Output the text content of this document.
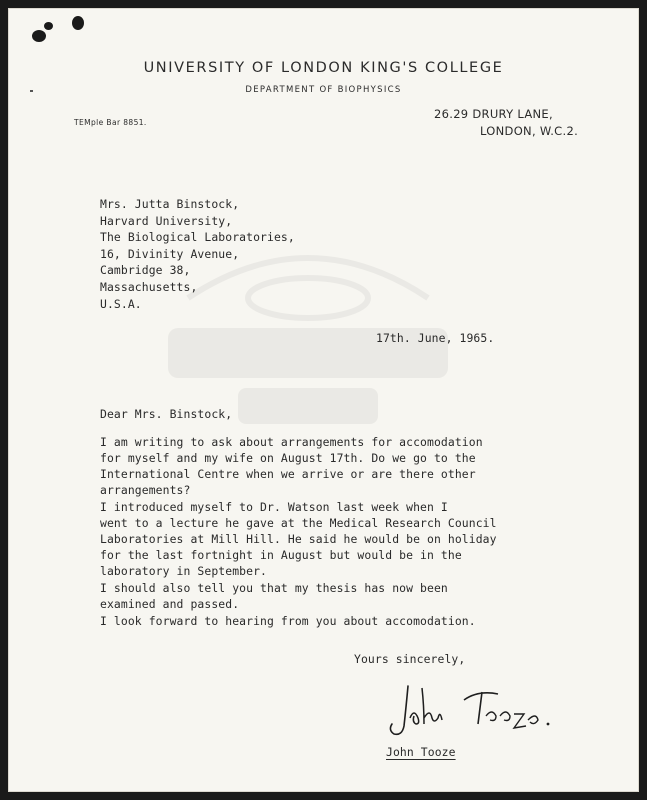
UNIVERSITY OF LONDON KING'S COLLEGE
DEPARTMENT OF BIOPHYSICS
TEMple Bar 8851.
26.29 DRURY LANE,
LONDON, W.C.2.
Mrs. Jutta Binstock,
Harvard University,
The Biological Laboratories,
16, Divinity Avenue,
Cambridge 38,
Massachusetts,
U.S.A.
17th. June, 1965.
Dear Mrs. Binstock,
I am writing to ask about arrangements for accomodation
for myself and my wife on August 17th. Do we go to the
International Centre when we arrive or are there other
arrangements?
I introduced myself to Dr. Watson last week when I
went to a lecture he gave at the Medical Research Council
Laboratories at Mill Hill. He said he would be on holiday
for the last fortnight in August but would be in the
laboratory in September.
I should also tell you that my thesis has now been
examined and passed.
I look forward to hearing from you about accomodation.
Yours sincerely,
John Tooze
